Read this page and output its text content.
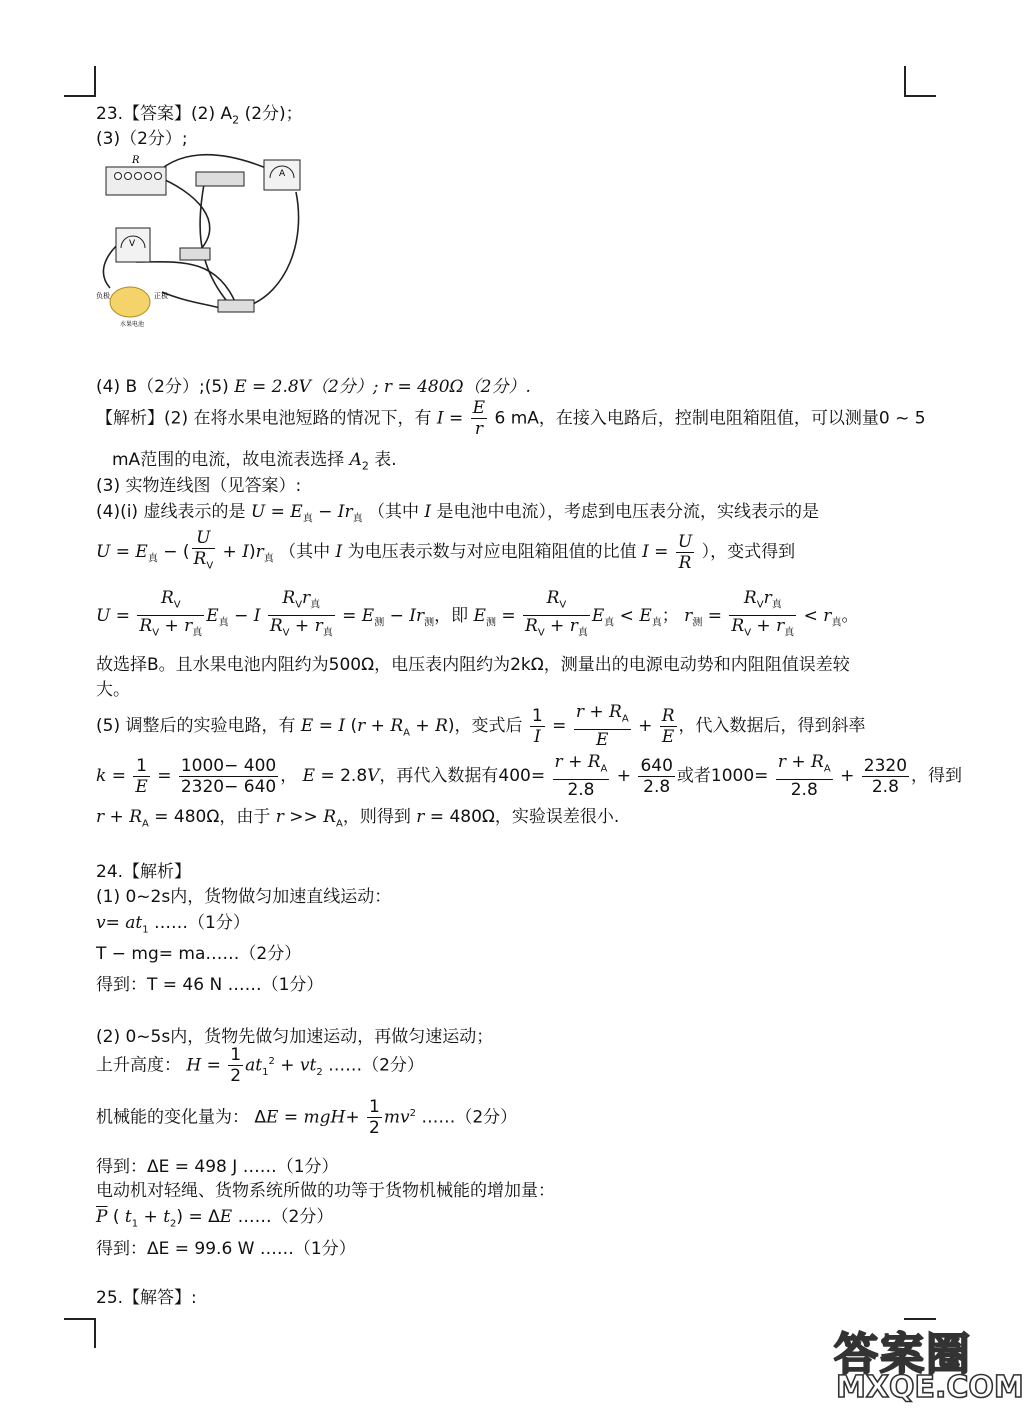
23.【答案】(2) $A_2$ (2分)；
(3)（2分）;
R
A
V
负极	正极
水果电池
(4) B（2分）;(5) E = 2.8V（2分）; r = 480Ω（2分）.
【解析】(2) 在将水果电池短路的情况下，有 $I = \frac{E}{r} 6$ mA，在接入电路后，控制电阻箱阻值，可以测量0 ~ 5
mA范围的电流，故电流表选择 $A_2$ 表.
(3) 实物连线图（见答案）:
(4)(i) 虚线表示的是 $U = E_真 - Ir_真$ （其中 I 是电池中电流），考虑到电压表分流，实线表示的是
$U = E_真$ − ( $\frac{U}{R_V} + I)r_真$ （其中 I 为电压表示数与对应电阻箱阻值的比值 $I = \frac{U}{R}$ ），变式得到
$U = \frac{R_V}{R_V + r_真} E_真 - I \frac{R_Vr_真}{R_V + r_真} = E_测 - Ir_测$，即 $E_测 = \frac{R_V}{R_V + r_真} E_真 < E_真$； $r_测 = \frac{R_Vr_真}{R_V + r_真} < r_真$。
故选择B。且水果电池内阻约为500Ω，电压表内阻约为2kΩ，测量出的电源电动势和内阻阻值误差较
大。
(5) 调整后的实验电路，有 E = I $(r + R_A + R)$，变式后 $\frac{1}{I} = \frac{r + R_A}{E} + \frac{R}{E}$ ，代入数据后，得到斜率
$k = \frac{1}{E} = \frac{1000- 400}{2320- 640}$ ， E = 2.8V，再代入数据有$400= \frac{r + R_A}{2.8} + \frac{640}{2.8}$ 或者$1000= \frac{r + R_A}{2.8} + \frac{2320}{2.8}$ ，得到
$r + R_A = 480\Omega$，由于 $r >> R_A$，则得到 r = 480Ω，实验误差很小.
24.【解析】
(1) 0~2s内，货物做匀加速直线运动：
$v= at_1$ ……（1分）
T − mg= ma……（2分）
得到：T = 46 N ……（1分）
(2) 0~5s内，货物先做匀加速运动，再做匀速运动；
上升高度： $H = \frac{1}{2} at_1^2 + vt_2$ ……（2分）
机械能的变化量为： $\Delta E = mgH+ \frac{1}{2} mv^2$ ……（2分）
得到：ΔE = 498 J ……（1分）
电动机对轻绳、货物系统所做的功等于货物机械能的增加量：
$\overline{P}$ ( $t_1 + t_2) = \Delta E$ ……（2分）
得到：ΔE = 99.6 W ……（1分）
25.【解答】:
答案圈
MXQE.COM
